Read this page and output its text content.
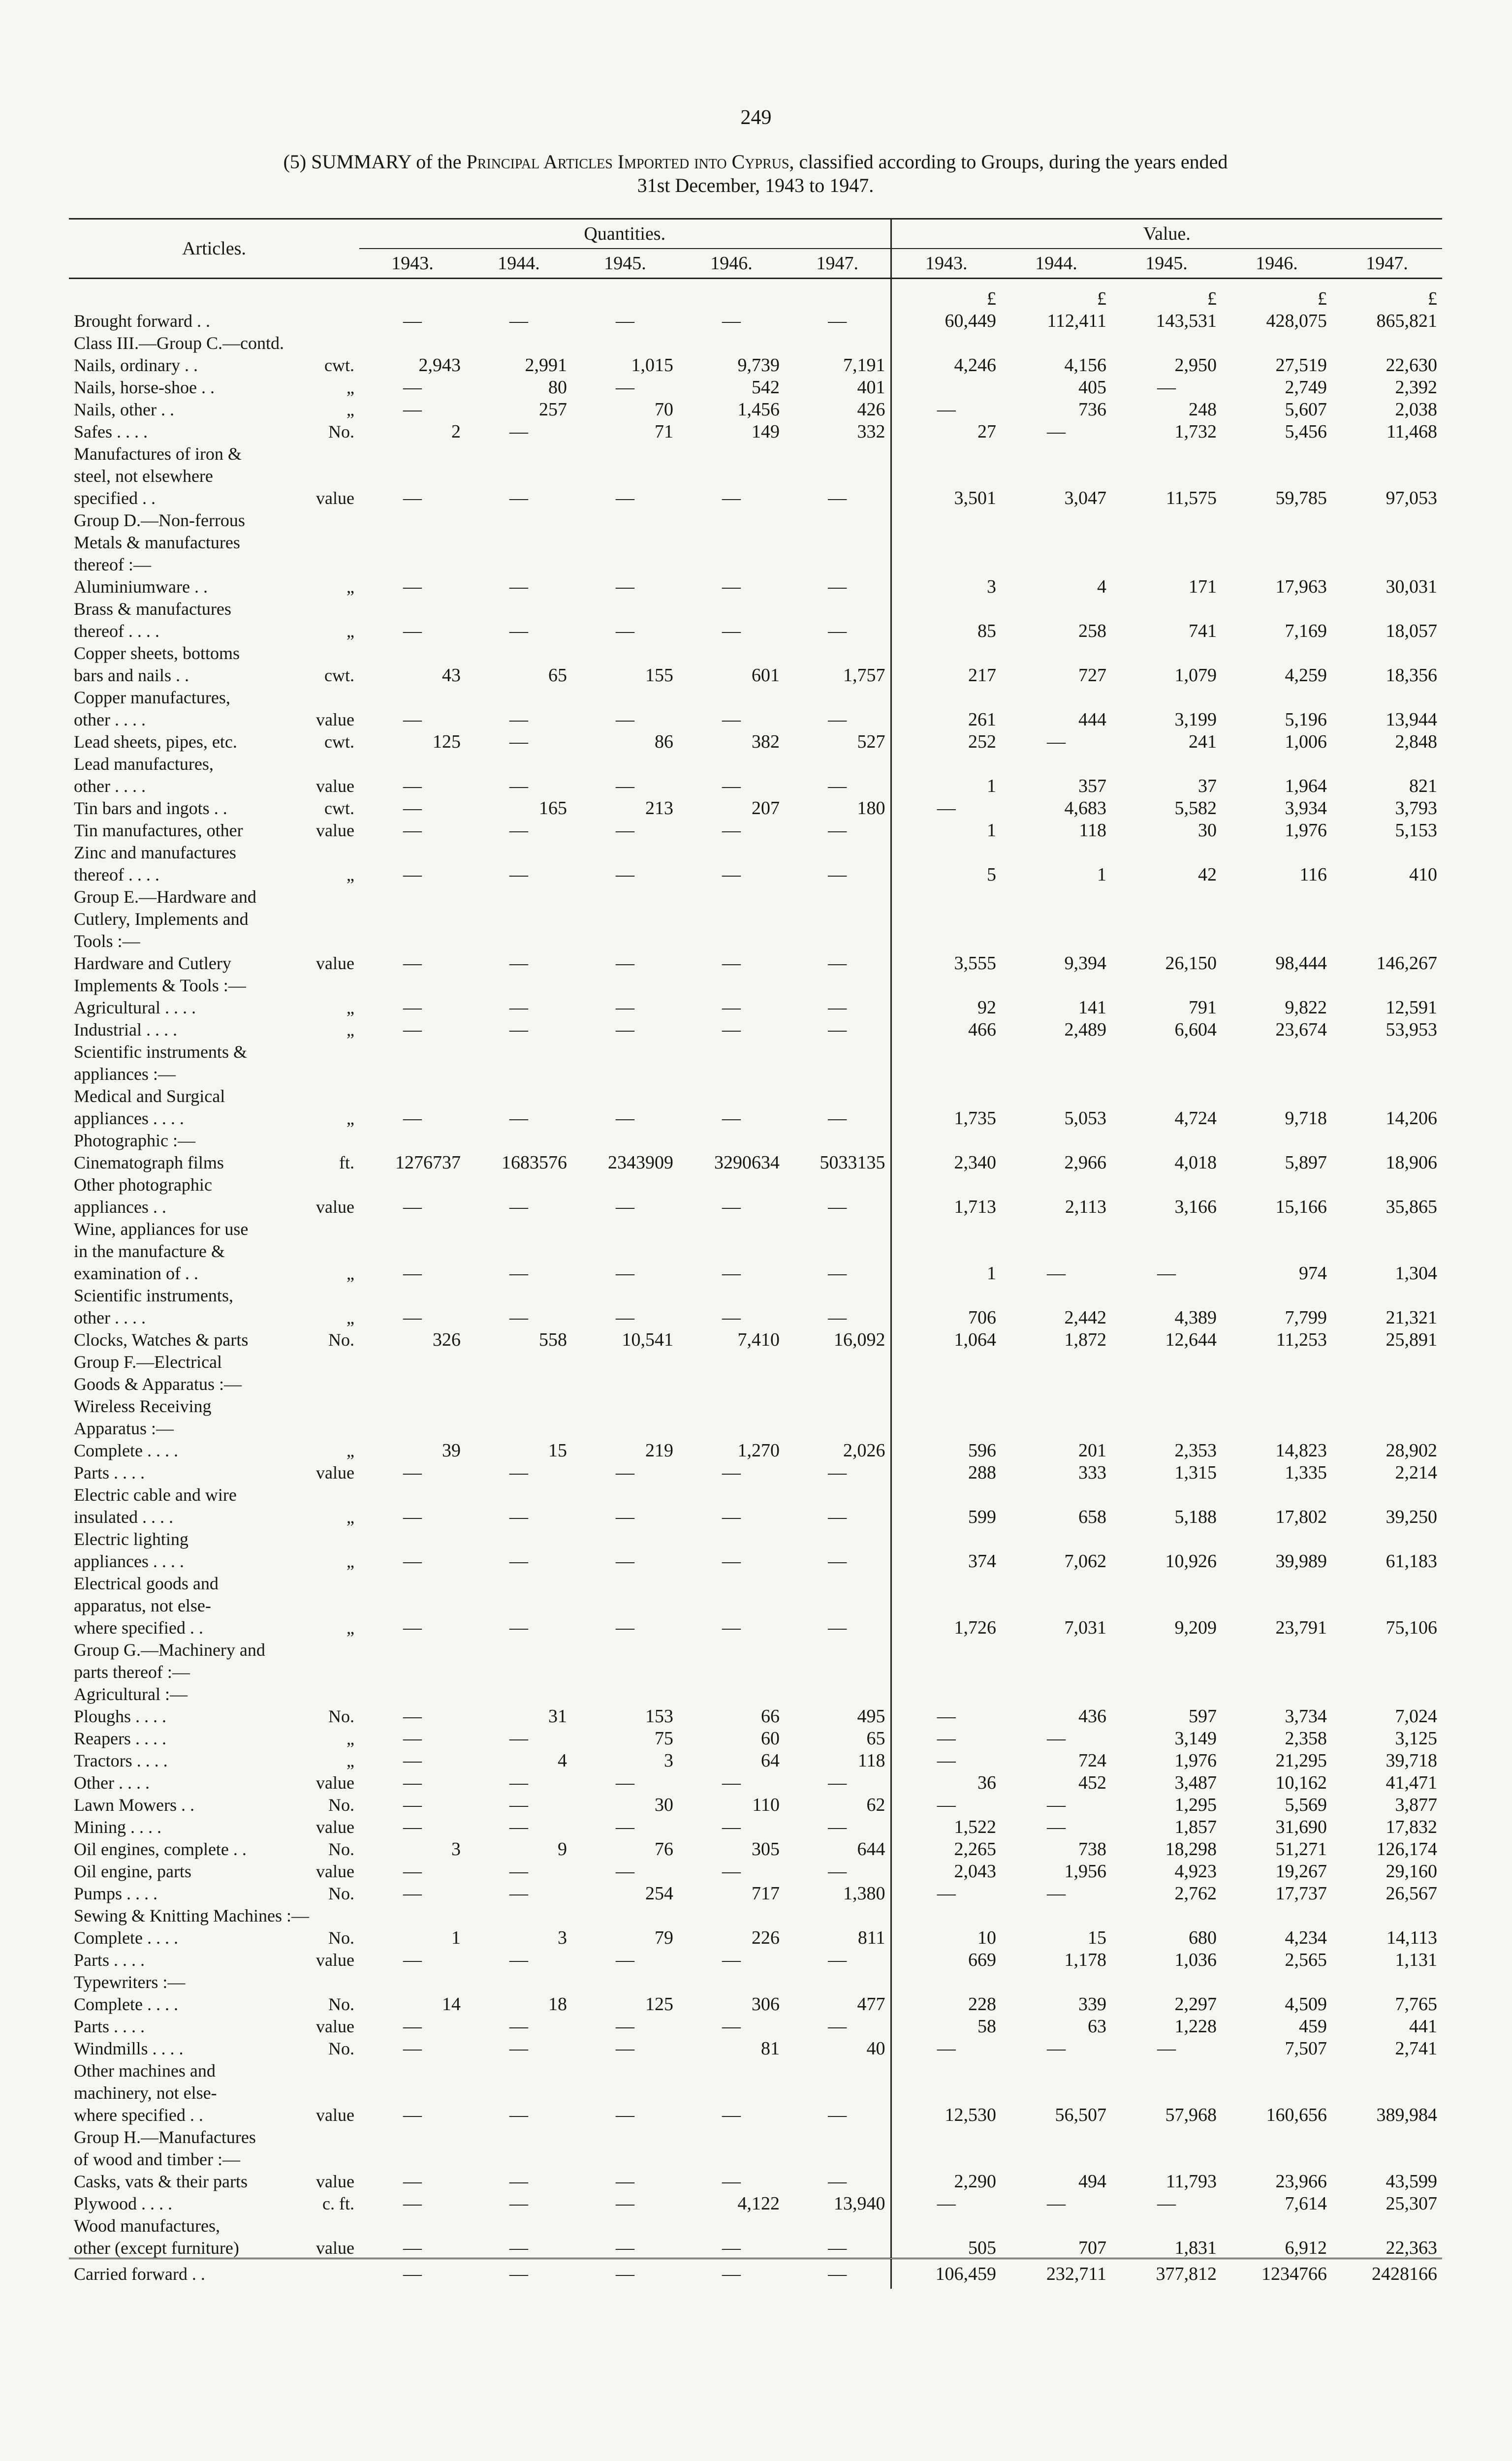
249
(5) SUMMARY of the Principal Articles Imported into Cyprus, classified according to Groups, during the years ended
31st December, 1943 to 1947.
Articles.	Quantities.					Value.				
	1943.	1944.	1945.	1946.	1947.	1943.	1944.	1945.	1946.	1947.
						£	£	£	£	£
Brought forward . .	—	—	—	—	—	60,449	112,411	143,531	428,075	865,821
Class III.—Group C.—contd.										
Nails, ordinary . . cwt.	2,943	2,991	1,015	9,739	7,191	4,246	4,156	2,950	27,519	22,630
Nails, horse-shoe . . „	—	80	—	542	401		405	—	2,749	2,392
Nails, other . . „	—	257	70	1,456	426	—	736	248	5,607	2,038
Safes . . . . No.	2	—	71	149	332	27	—	1,732	5,456	11,468
Manufactures of iron &										
steel, not elsewhere										
specified . . value	—	—	—	—	—	3,501	3,047	11,575	59,785	97,053
Group D.—Non-ferrous										
Metals & manufactures										
thereof :—										
Aluminiumware . . „	—	—	—	—	—	3	4	171	17,963	30,031
Brass & manufactures										
thereof . . . . „	—	—	—	—	—	85	258	741	7,169	18,057
Copper sheets, bottoms										
bars and nails . . cwt.	43	65	155	601	1,757	217	727	1,079	4,259	18,356
Copper manufactures,										
other . . . . value	—	—	—	—	—	261	444	3,199	5,196	13,944
Lead sheets, pipes, etc. cwt.	125	—	86	382	527	252	—	241	1,006	2,848
Lead manufactures,										
other . . . . value	—	—	—	—	—	1	357	37	1,964	821
Tin bars and ingots . . cwt.	—	165	213	207	180	—	4,683	5,582	3,934	3,793
Tin manufactures, other value	—	—	—	—	—	1	118	30	1,976	5,153
Zinc and manufactures										
thereof . . . . „	—	—	—	—	—	5	1	42	116	410
Group E.—Hardware and										
Cutlery, Implements and										
Tools :—										
Hardware and Cutlery value	—	—	—	—	—	3,555	9,394	26,150	98,444	146,267
Implements & Tools :—										
Agricultural . . . . „	—	—	—	—	—	92	141	791	9,822	12,591
Industrial . . . . „	—	—	—	—	—	466	2,489	6,604	23,674	53,953
Scientific instruments &										
appliances :—										
Medical and Surgical										
appliances . . . . „	—	—	—	—	—	1,735	5,053	4,724	9,718	14,206
Photographic :—										
Cinematograph films ft.	1276737	1683576	2343909	3290634	5033135	2,340	2,966	4,018	5,897	18,906
Other photographic										
appliances . . value	—	—	—	—	—	1,713	2,113	3,166	15,166	35,865
Wine, appliances for use										
in the manufacture &										
examination of . . „	—	—	—	—	—	1	—	—	974	1,304
Scientific instruments,										
other . . . . „	—	—	—	—	—	706	2,442	4,389	7,799	21,321
Clocks, Watches & parts No.	326	558	10,541	7,410	16,092	1,064	1,872	12,644	11,253	25,891
Group F.—Electrical										
Goods & Apparatus :—										
Wireless Receiving										
Apparatus :—										
Complete . . . . „	39	15	219	1,270	2,026	596	201	2,353	14,823	28,902
Parts . . . . value	—	—	—	—	—	288	333	1,315	1,335	2,214
Electric cable and wire										
insulated . . . . „	—	—	—	—	—	599	658	5,188	17,802	39,250
Electric lighting										
appliances . . . . „	—	—	—	—	—	374	7,062	10,926	39,989	61,183
Electrical goods and										
apparatus, not else-										
where specified . . „	—	—	—	—	—	1,726	7,031	9,209	23,791	75,106
Group G.—Machinery and										
parts thereof :—										
Agricultural :—										
Ploughs . . . . No.	—	31	153	66	495	—	436	597	3,734	7,024
Reapers . . . . „	—	—	75	60	65	—	—	3,149	2,358	3,125
Tractors . . . . „	—	4	3	64	118	—	724	1,976	21,295	39,718
Other . . . . value	—	—	—	—	—	36	452	3,487	10,162	41,471
Lawn Mowers . . No.	—	—	30	110	62	—	—	1,295	5,569	3,877
Mining . . . . value	—	—	—	—	—	1,522	—	1,857	31,690	17,832
Oil engines, complete . . No.	3	9	76	305	644	2,265	738	18,298	51,271	126,174
Oil engine, parts value	—	—	—	—	—	2,043	1,956	4,923	19,267	29,160
Pumps . . . . No.	—	—	254	717	1,380	—	—	2,762	17,737	26,567
Sewing & Knitting Machines :—										
Complete . . . . No.	1	3	79	226	811	10	15	680	4,234	14,113
Parts . . . . value	—	—	—	—	—	669	1,178	1,036	2,565	1,131
Typewriters :—										
Complete . . . . No.	14	18	125	306	477	228	339	2,297	4,509	7,765
Parts . . . . value	—	—	—	—	—	58	63	1,228	459	441
Windmills . . . . No.	—	—	—	81	40	—	—	—	7,507	2,741
Other machines and										
machinery, not else-										
where specified . . value	—	—	—	—	—	12,530	56,507	57,968	160,656	389,984
Group H.—Manufactures										
of wood and timber :—										
Casks, vats & their parts value	—	—	—	—	—	2,290	494	11,793	23,966	43,599
Plywood . . . . c. ft.	—	—	—	4,122	13,940	—	—	—	7,614	25,307
Wood manufactures,										
other (except furniture) value	—	—	—	—	—	505	707	1,831	6,912	22,363
Carried forward . .	—	—	—	—	—	106,459	232,711	377,812	1234766	2428166
